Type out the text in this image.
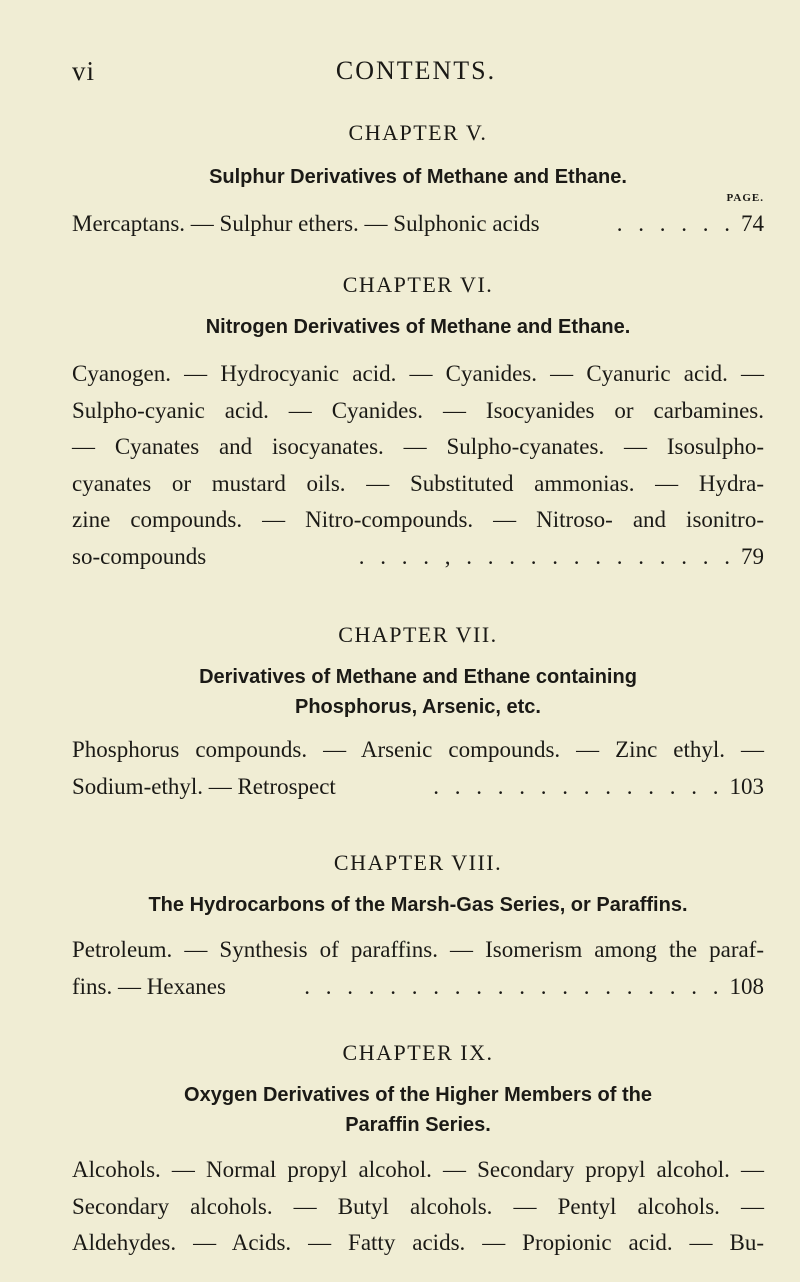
vi	CONTENTS.
CHAPTER V.

Sulphur Derivatives of Methane and Ethane.

PAGE.

Mercaptans. — Sulphur ethers. — Sulphonic acids	. . . . . . 74
CHAPTER VI.

Nitrogen Derivatives of Methane and Ethane.

Cyanogen. — Hydrocyanic acid. — Cyanides. — Cyanuric acid. —
Sulpho-cyanic acid. — Cyanides. — Isocyanides or carbamines.
— Cyanates and isocyanates. — Sulpho-cyanates. — Isosulpho-
cyanates or mustard oils. — Substituted ammonias. — Hydra-
zine compounds. — Nitro-compounds. — Nitroso- and isonitro-
so-compounds	. . . . , . . . . . . . . . . . . . 79
CHAPTER VII.

Derivatives of Methane and Ethane containing Phosphorus, Arsenic, etc.

Phosphorus compounds. — Arsenic compounds. — Zinc ethyl. —
Sodium-ethyl. — Retrospect	. . . . . . . . . . . . . . 103
CHAPTER VIII.

The Hydrocarbons of the Marsh-Gas Series, or Paraffins.

Petroleum. — Synthesis of paraffins. — Isomerism among the paraf-
fins. — Hexanes	. . . . . . . . . . . . . . . . . . . . 108
CHAPTER IX.

Oxygen Derivatives of the Higher Members of the Paraffin Series.

Alcohols. — Normal propyl alcohol. — Secondary propyl alcohol. —
Secondary alcohols. — Butyl alcohols. — Pentyl alcohols. —
Aldehydes. — Acids. — Fatty acids. — Propionic acid. — Bu-
